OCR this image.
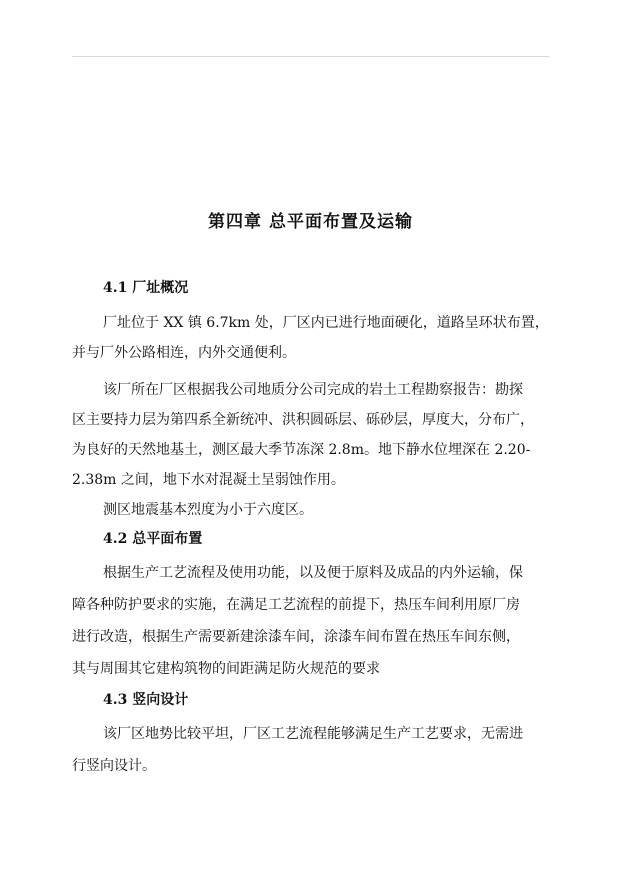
第四章 总平面布置及运输
4.1 厂址概况
厂址位于 XX 镇 6.7km 处，厂区内已进行地面硬化，道路呈环状布置，
并与厂外公路相连，内外交通便利。
该厂所在厂区根据我公司地质分公司完成的岩土工程勘察报告：勘探
区主要持力层为第四系全新统冲、洪积圆砾层、砾砂层，厚度大，分布广，
为良好的天然地基土，测区最大季节冻深 2.8m。地下静水位埋深在 2.20-
2.38m 之间，地下水对混凝土呈弱蚀作用。
测区地震基本烈度为小于六度区。
4.2 总平面布置
根据生产工艺流程及使用功能，以及便于原料及成品的内外运输，保
障各种防护要求的实施，在满足工艺流程的前提下，热压车间利用原厂房
进行改造，根据生产需要新建涂漆车间，涂漆车间布置在热压车间东侧，
其与周围其它建构筑物的间距满足防火规范的要求
4.3 竖向设计
该厂区地势比较平坦，厂区工艺流程能够满足生产工艺要求，无需进
行竖向设计。
